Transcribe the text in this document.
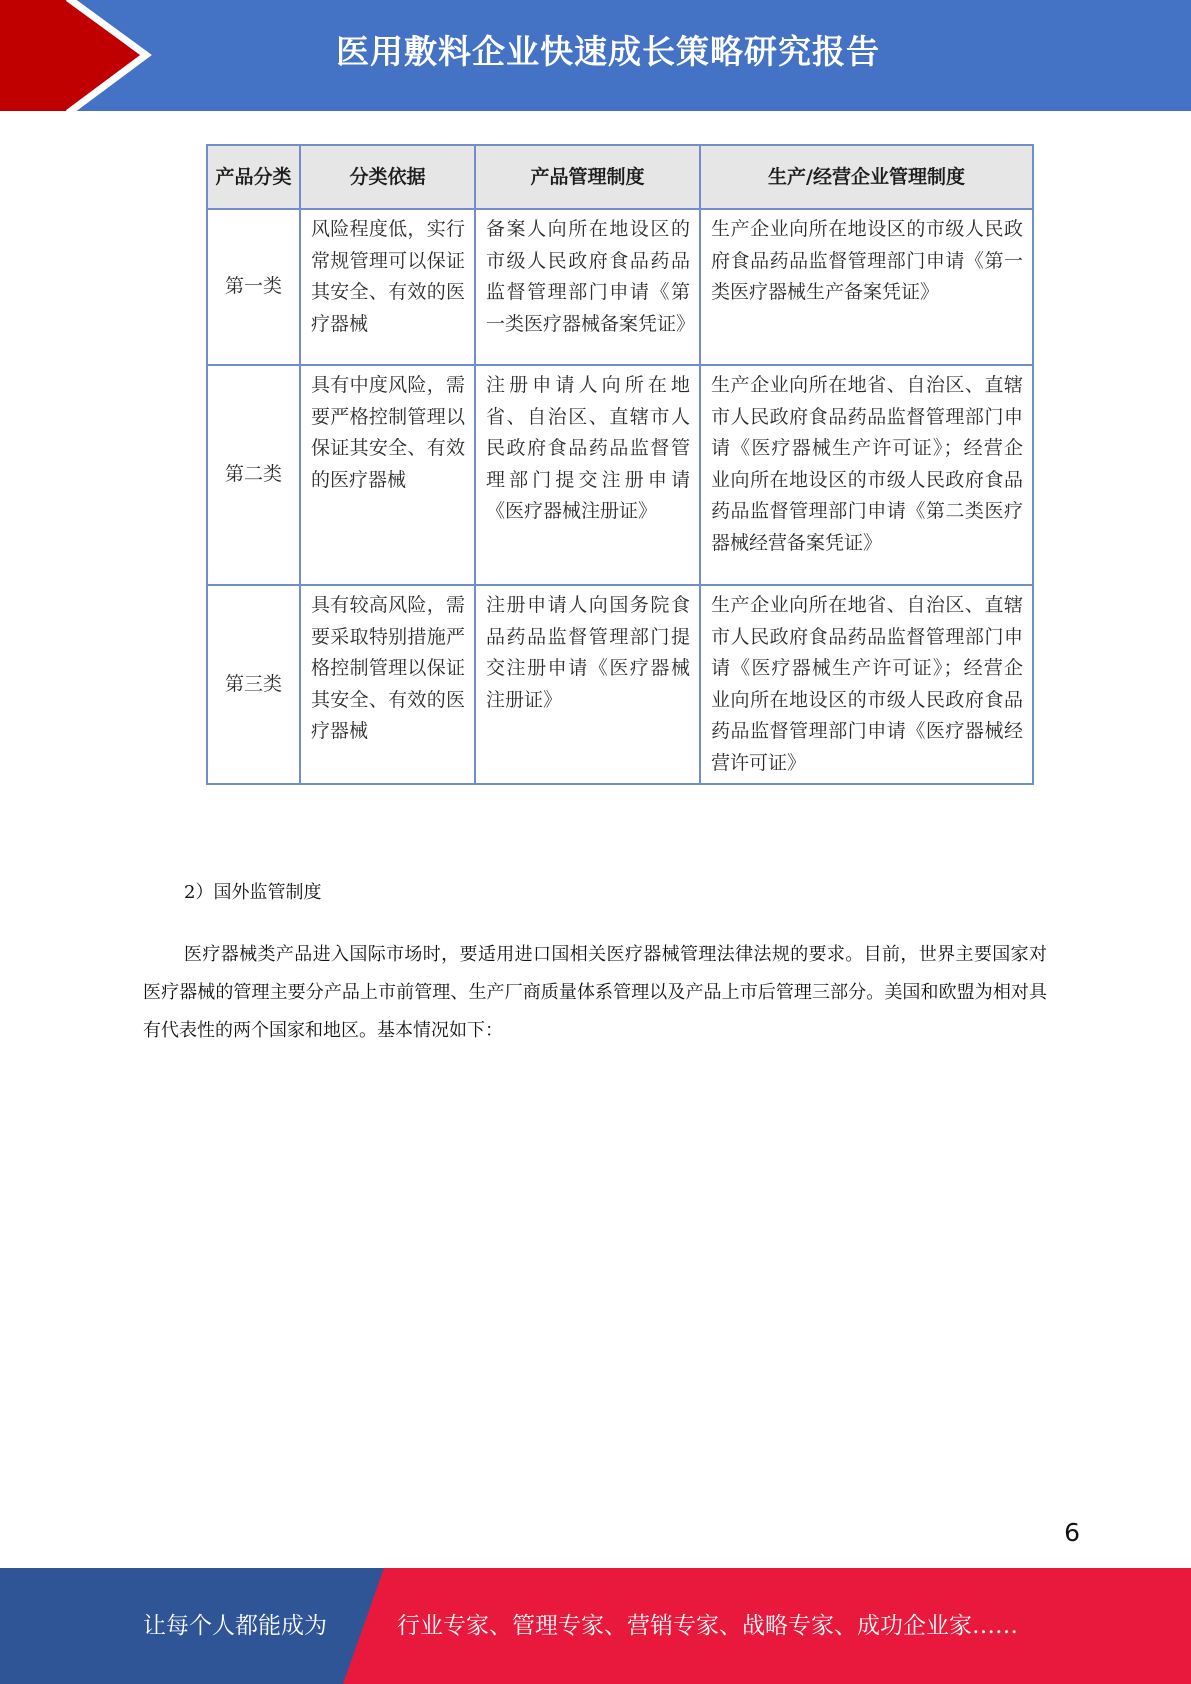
医用敷料企业快速成长策略研究报告
产品分类	分类依据	产品管理制度	生产/经营企业管理制度
第一类	风险程度低，实行常规管理可以保证其安全、有效的医疗器械	备案人向所在地设区的市级人民政府食品药品监督管理部门申请《第一类医疗器械备案凭证》	生产企业向所在地设区的市级人民政府食品药品监督管理部门申请《第一类医疗器械生产备案凭证》

第二类	具有中度风险，需要严格控制管理以保证其安全、有效的医疗器械	注册申请人向所在地省、自治区、直辖市人民政府食品药品监督管理部门提交注册申请《医疗器械注册证》	生产企业向所在地省、自治区、直辖市人民政府食品药品监督管理部门申请《医疗器械生产许可证》；经营企业向所在地设区的市级人民政府食品药品监督管理部门申请《第二类医疗器械经营备案凭证》

第三类	具有较高风险，需要采取特别措施严格控制管理以保证其安全、有效的医疗器械	注册申请人向国务院食品药品监督管理部门提交注册申请《医疗器械注册证》	生产企业向所在地省、自治区、直辖市人民政府食品药品监督管理部门申请《医疗器械生产许可证》；经营企业向所在地设区的市级人民政府食品药品监督管理部门申请《医疗器械经营许可证》
2）国外监管制度
医疗器械类产品进入国际市场时，要适用进口国相关医疗器械管理法律法规的要求。目前，世界主要国家对医疗器械的管理主要分产品上市前管理、生产厂商质量体系管理以及产品上市后管理三部分。美国和欧盟为相对具有代表性的两个国家和地区。基本情况如下：
6
让每个人都能成为	行业专家、管理专家、营销专家、战略专家、成功企业家……
